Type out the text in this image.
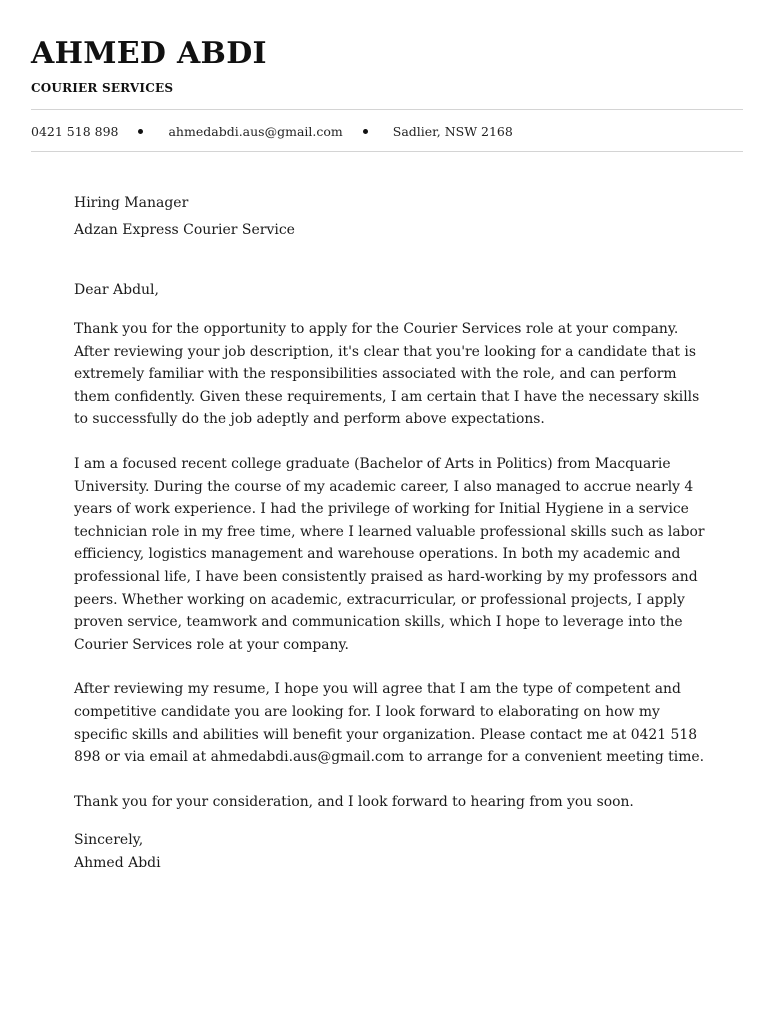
AHMED ABDI
COURIER SERVICES
0421 518 898	ahmedabdi.aus@gmail.com	Sadlier, NSW 2168
Hiring Manager
Adzan Express Courier Service
Dear Abdul,
Thank you for the opportunity to apply for the Courier Services role at your company. After reviewing your job description, it's clear that you're looking for a candidate that is extremely familiar with the responsibilities associated with the role, and can perform them confidently. Given these requirements, I am certain that I have the necessary skills to successfully do the job adeptly and perform above expectations.
I am a focused recent college graduate (Bachelor of Arts in Politics) from Macquarie University. During the course of my academic career, I also managed to accrue nearly 4 years of work experience. I had the privilege of working for Initial Hygiene in a service technician role in my free time, where I learned valuable professional skills such as labor efficiency, logistics management and warehouse operations. In both my academic and professional life, I have been consistently praised as hard-working by my professors and peers. Whether working on academic, extracurricular, or professional projects, I apply proven service, teamwork and communication skills, which I hope to leverage into the Courier Services role at your company.
After reviewing my resume, I hope you will agree that I am the type of competent and competitive candidate you are looking for. I look forward to elaborating on how my specific skills and abilities will benefit your organization. Please contact me at 0421 518 898 or via email at ahmedabdi.aus@gmail.com to arrange for a convenient meeting time.
Thank you for your consideration, and I look forward to hearing from you soon.
Sincerely,
Ahmed Abdi
